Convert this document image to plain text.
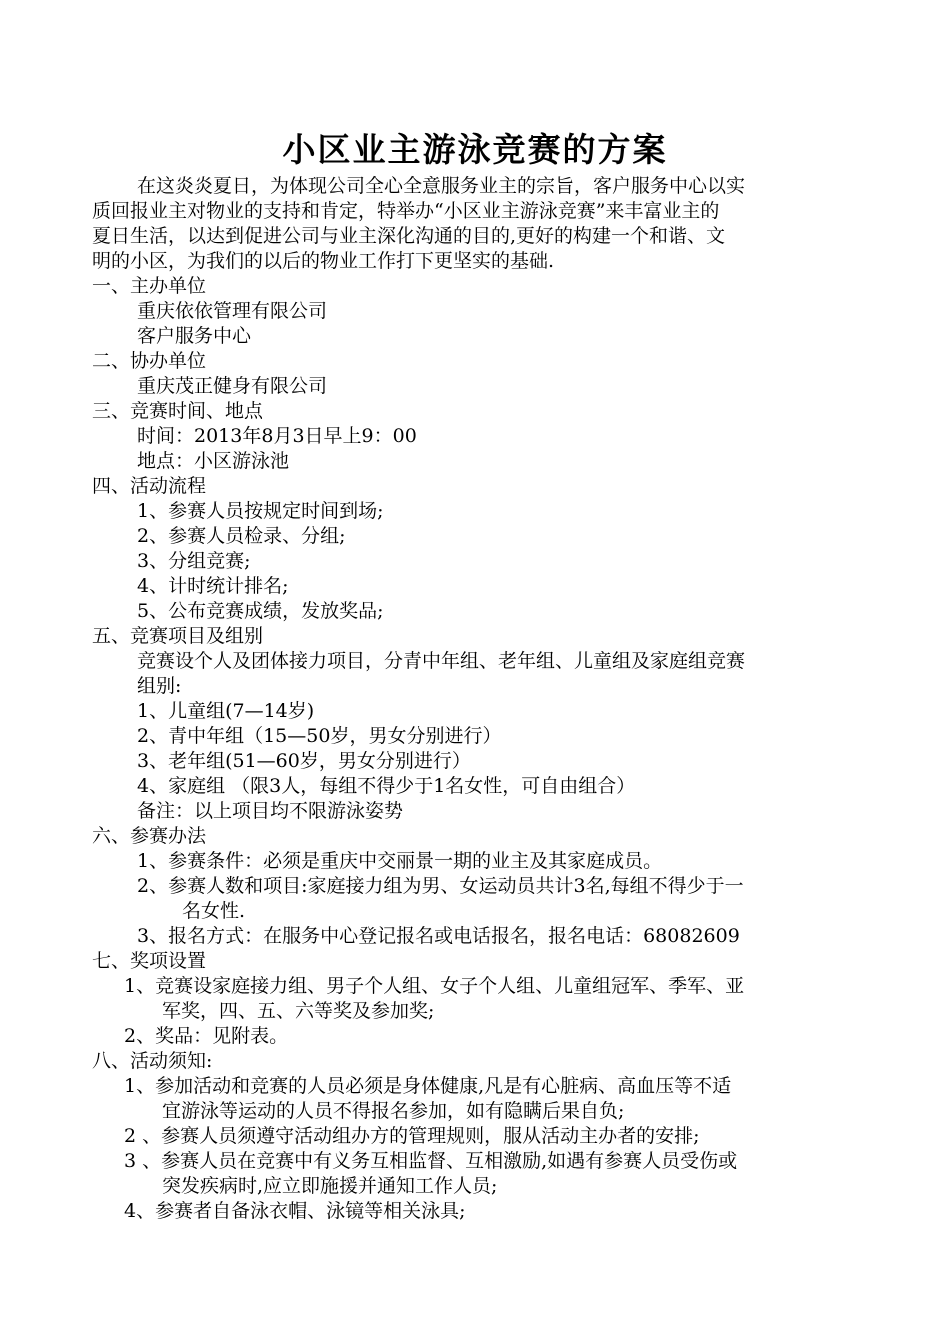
小区业主游泳竞赛的方案
在这炎炎夏日，为体现公司全心全意服务业主的宗旨，客户服务中心以实
质回报业主对物业的支持和肯定，特举办“小区业主游泳竞赛”来丰富业主的
夏日生活，以达到促进公司与业主深化沟通的目的,更好的构建一个和谐、文
明的小区，为我们的以后的物业工作打下更坚实的基础.
一、主办单位
重庆依依管理有限公司
客户服务中心
二、协办单位
重庆茂正健身有限公司
三、竞赛时间、地点
时间：2013年8月3日早上9：00
地点：小区游泳池
四、活动流程
1、参赛人员按规定时间到场;
2、参赛人员检录、分组;
3、分组竞赛;
4、计时统计排名;
5、公布竞赛成绩，发放奖品;
五、竞赛项目及组别
竞赛设个人及团体接力项目，分青中年组、老年组、儿童组及家庭组竞赛
组别:
1、儿童组(7—14岁)
2、青中年组（15—50岁，男女分别进行）
3、老年组(51—60岁，男女分别进行）
4、家庭组 （限3人，每组不得少于1名女性，可自由组合）
备注：以上项目均不限游泳姿势
六、参赛办法
1、参赛条件：必须是重庆中交丽景一期的业主及其家庭成员。
2、参赛人数和项目:家庭接力组为男、女运动员共计3名,每组不得少于一
名女性.
3、报名方式：在服务中心登记报名或电话报名，报名电话：68082609
七、奖项设置
1、竞赛设家庭接力组、男子个人组、女子个人组、儿童组冠军、季军、亚
军奖，四、五、六等奖及参加奖;
2、奖品：见附表。
八、活动须知:
1、参加活动和竞赛的人员必须是身体健康,凡是有心脏病、高血压等不适
宜游泳等运动的人员不得报名参加，如有隐瞒后果自负;
2 、参赛人员须遵守活动组办方的管理规则，服从活动主办者的安排;
3 、参赛人员在竞赛中有义务互相监督、互相激励,如遇有参赛人员受伤或
突发疾病时,应立即施援并通知工作人员;
4、参赛者自备泳衣帽、泳镜等相关泳具;
